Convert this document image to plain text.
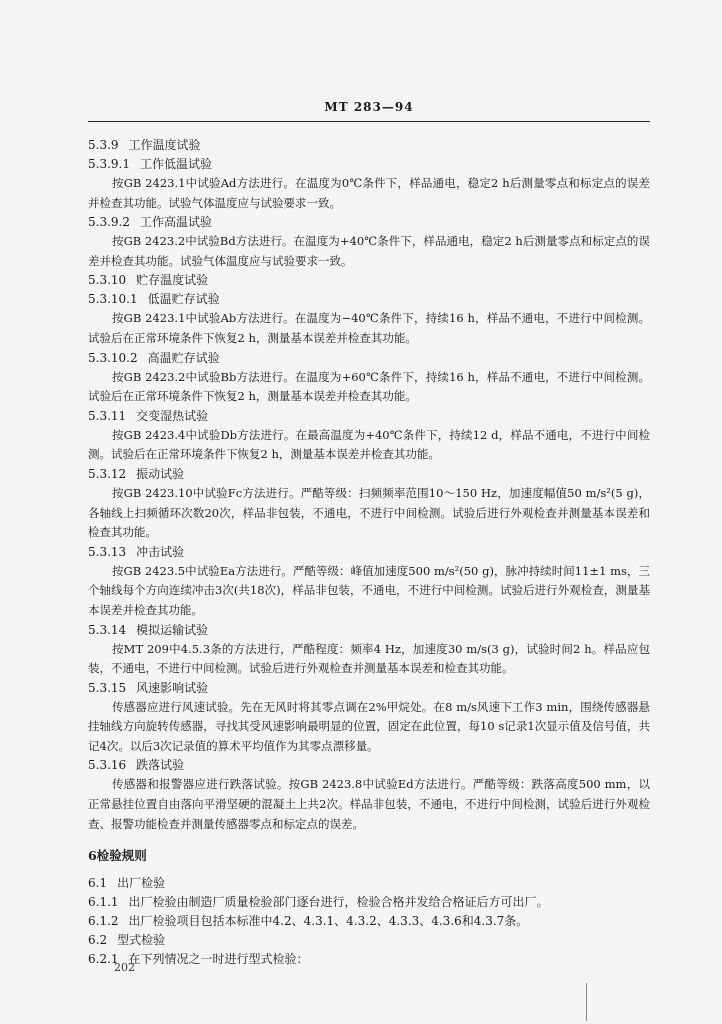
MT 283—94
5.3.9 工作温度试验
5.3.9.1 工作低温试验

按GB 2423.1中试验Ad方法进行。在温度为0℃条件下，样品通电，稳定2 h后测量零点和标定点的误差并检查其功能。试验气体温度应与试验要求一致。

5.3.9.2 工作高温试验

按GB 2423.2中试验Bd方法进行。在温度为+40℃条件下，样品通电，稳定2 h后测量零点和标定点的误差并检查其功能。试验气体温度应与试验要求一致。

5.3.10 贮存温度试验
5.3.10.1 低温贮存试验

按GB 2423.1中试验Ab方法进行。在温度为−40℃条件下，持续16 h，样品不通电，不进行中间检测。试验后在正常环境条件下恢复2 h，测量基本误差并检查其功能。

5.3.10.2 高温贮存试验

按GB 2423.2中试验Bb方法进行。在温度为+60℃条件下，持续16 h，样品不通电，不进行中间检测。试验后在正常环境条件下恢复2 h，测量基本误差并检查其功能。

5.3.11 交变湿热试验

按GB 2423.4中试验Db方法进行。在最高温度为+40℃条件下，持续12 d，样品不通电，不进行中间检测。试验后在正常环境条件下恢复2 h，测量基本误差并检查其功能。

5.3.12 振动试验

按GB 2423.10中试验Fc方法进行。严酷等级：扫频频率范围10～150 Hz，加速度幅值50 m/s²(5 g)，各轴线上扫频循环次数20次，样品非包装，不通电，不进行中间检测。试验后进行外观检查并测量基本误差和检查其功能。

5.3.13 冲击试验

按GB 2423.5中试验Ea方法进行。严酷等级：峰值加速度500 m/s²(50 g)，脉冲持续时间11±1 ms，三个轴线每个方向连续冲击3次(共18次)，样品非包装，不通电，不进行中间检测。试验后进行外观检查，测量基本误差并检查其功能。

5.3.14 模拟运输试验

按MT 209中4.5.3条的方法进行，严酷程度：频率4 Hz，加速度30 m/s(3 g)，试验时间2 h。样品应包装，不通电，不进行中间检测。试验后进行外观检查并测量基本误差和检查其功能。

5.3.15 风速影响试验

传感器应进行风速试验。先在无风时将其零点调在2%甲烷处。在8 m/s风速下工作3 min，围绕传感器悬挂轴线方向旋转传感器，寻找其受风速影响最明显的位置，固定在此位置，每10 s记录1次显示值及信号值，共记4次。以后3次记录值的算术平均值作为其零点漂移量。

5.3.16 跌落试验

传感器和报警器应进行跌落试验。按GB 2423.8中试验Ed方法进行。严酷等级：跌落高度500 mm，以正常悬挂位置自由落向平滑坚硬的混凝土上共2次。样品非包装，不通电，不进行中间检测，试验后进行外观检查、报警功能检查并测量传感器零点和标定点的误差。

6检验规则
6.1 出厂检验
6.1.1 出厂检验由制造厂质量检验部门逐台进行，检验合格并发给合格证后方可出厂。
6.1.2 出厂检验项目包括本标准中4.2、4.3.1、4.3.2、4.3.3、4.3.6和4.3.7条。
6.2 型式检验
6.2.1 在下列情况之一时进行型式检验：
202
